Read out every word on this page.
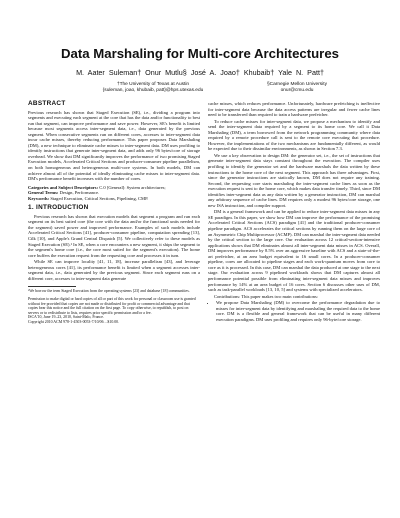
Data Marshaling for Multi-core Architectures
M. Aater Suleman† Onur Mutlu§ José A. Joao† Khubaib† Yale N. Patt†
†The University of Texas at Austin
{suleman, joao, khubaib, patt}@hps.utexas.edu
§Carnegie Mellon University
onur@cmu.edu
ABSTRACT

Previous research has shown that Staged Execution (SE), i.e., dividing a program into segments and executing each segment at the core that has the data and/or functionality to best run that segment, can improve performance and save power. However, SE's benefit is limited because most segments access inter-segment data, i.e., data generated by the previous segment. When consecutive segments run on different cores, accesses to inter-segment data incur cache misses, thereby reducing performance. This paper proposes Data Marshaling (DM), a new technique to eliminate cache misses to inter-segment data. DM uses profiling to identify instructions that generate inter-segment data, and adds only 96 bytes/core of storage overhead. We show that DM significantly improves the performance of two promising Staged Execution models, Accelerated Critical Sections and producer-consumer pipeline parallelism, on both homogeneous and heterogeneous multi-core systems. In both models, DM can achieve almost all of the potential of ideally eliminating cache misses to inter-segment data. DM's performance benefit increases with the number of cores.

Categories and Subject Descriptors: C.0 [General]: System architectures;
General Terms: Design, Performance.
Keywords: Staged Execution, Critical Sections, Pipelining, CMP.
1. INTRODUCTION

Previous research has shown that execution models that segment a program and run each segment on its best suited core (the core with the data and/or the functional units needed for the segment) saved power and improved performance. Examples of such models include Accelerated Critical Sections [41], producer-consumer pipeline, computation spreading [13], Cilk [10], and Apple's Grand Central Dispatch [5]. We collectively refer to these models as Staged Execution (SE).¹ In SE, when a core encounters a new segment, it ships the segment to the segment's home core (i.e., the core most suited for the segment's execution). The home core buffers the execution request from the requesting core and processes it in turn.

While SE can improve locality [41, 11, 18], increase parallelism [43], and leverage heterogeneous cores [41], its performance benefit is limited when a segment accesses inter-segment data, i.e., data generated by the previous segment. Since each segment runs on a different core, accesses to inter-segment data generate

¹We borrow the term Staged Execution from the operating systems [23] and database [18] communities.
Permission to make digital or hard copies of all or part of this work for personal or classroom use is granted without fee provided that copies are not made or distributed for profit or commercial advantage and that copies bear this notice and the full citation on the first page. To copy otherwise, to republish, to post on servers or to redistribute to lists, requires prior specific permission and/or a fee.
ISCA'10, June 19–23, 2010, Saint-Malo, France.
Copyright 2010 ACM 978-1-4503-0053-7/10/06 ...$10.00.

cache misses, which reduces performance. Unfortunately, hardware prefetching is ineffective for inter-segment data because the data access patterns are irregular and fewer cache lines need to be transferred than required to train a hardware prefetcher.

To reduce cache misses for inter-segment data, we propose a mechanism to identify and send the inter-segment data required by a segment to its home core. We call it Data Marshaling (DM), a term borrowed from the network programming community where data required by a remote procedure call is sent to the remote core executing that procedure. However, the implementations of the two mechanisms are fundamentally different, as would be expected due to their dissimilar environments, as shown in Section 7.3.

We use a key observation to design DM: the generator set, i.e., the set of instructions that generate inter-segment data stays constant throughout the execution. The compiler uses profiling to identify the generator set and the hardware marshals the data written by these instructions to the home core of the next segment. This approach has three advantages. First, since the generator instructions are statically known, DM does not require any training. Second, the requesting core starts marshaling the inter-segment cache lines as soon as the execution request is sent to the home core, which makes data transfer timely. Third, since DM identifies inter-segment data as any data written by a generator instruction, DM can marshal any arbitrary sequence of cache lines. DM requires only a modest 96 bytes/core storage, one new ISA instruction, and compiler support.

DM is a general framework and can be applied to reduce inter-segment data misses in any SE paradigm. In this paper, we show how DM can improve the performance of the promising Accelerated Critical Sections (ACS) paradigm [41] and the traditional producer-consumer pipeline paradigm. ACS accelerates the critical sections by running them on the large core of an Asymmetric Chip Multiprocessor (ACMP). DM can marshal the inter-segment data needed by the critical section to the large core. Our evaluation across 12 critical-section-intensive applications shows that DM eliminates almost all inter-segment data misses in ACS. Overall, DM improves performance by 8.5% over an aggressive baseline with ACS and a state-of-the-art prefetcher, at an area budget equivalent to 16 small cores. In a producer-consumer pipeline, cores are allocated to pipeline stages and each work-quantum moves from core to core as it is processed. In this case, DM can marshal the data produced at one stage to the next stage. Our evaluation across 9 pipelined workloads shows that DM captures almost all performance potential possible from eliminating inter-segment data misses and improves performance by 14% at an area budget of 16 cores. Section 6 discusses other uses of DM, such as task-parallel workloads [13, 10, 5] and systems with specialized accelerators.

Contributions: This paper makes two main contributions:

• We propose Data Marshaling (DM) to overcome the performance degradation due to misses for inter-segment data by identifying and marshaling the required data to the home core. DM is a flexible and general framework that can be useful in many different execution paradigms. DM uses profiling and requires only 96-byte/core storage.
